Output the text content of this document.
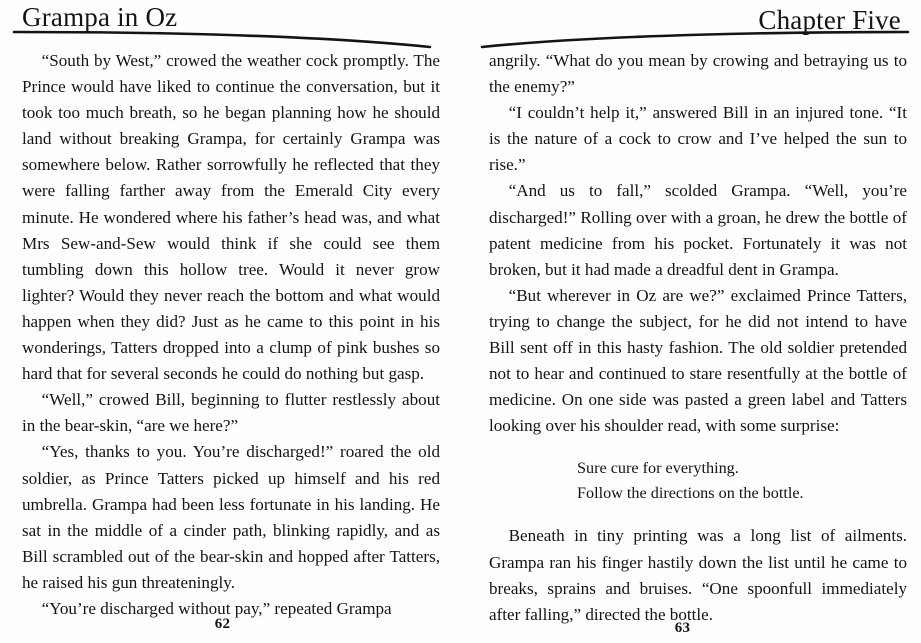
Grampa in Oz	Chapter Five

“South by West,” crowed the weather cock promptly. The Prince would have liked to continue the conversation, but it took too much breath, so he began planning how he should land without breaking Grampa, for certainly Grampa was somewhere below. Rather sorrowfully he reflected that they were falling farther away from the Emerald City every minute. He wondered where his father’s head was, and what Mrs Sew-and-Sew would think if she could see them tumbling down this hollow tree. Would it never grow lighter? Would they never reach the bottom and what would happen when they did? Just as he came to this point in his wonderings, Tatters dropped into a clump of pink bushes so hard that for several seconds he could do nothing but gasp.

“Well,” crowed Bill, beginning to flutter restlessly about in the bear-skin, “are we here?”

“Yes, thanks to you. You’re discharged!” roared the old soldier, as Prince Tatters picked up himself and his red umbrella. Grampa had been less fortunate in his landing. He sat in the middle of a cinder path, blinking rapidly, and as Bill scrambled out of the bear-skin and hopped after Tatters, he raised his gun threateningly.

“You’re discharged without pay,” repeated Grampa

angrily. “What do you mean by crowing and betraying us to the enemy?”

“I couldn’t help it,” answered Bill in an injured tone. “It is the nature of a cock to crow and I’ve helped the sun to rise.”

“And us to fall,” scolded Grampa. “Well, you’re discharged!” Rolling over with a groan, he drew the bottle of patent medicine from his pocket. Fortunately it was not broken, but it had made a dreadful dent in Grampa.

“But wherever in Oz are we?” exclaimed Prince Tatters, trying to change the subject, for he did not intend to have Bill sent off in this hasty fashion. The old soldier pretended not to hear and continued to stare resentfully at the bottle of medicine. On one side was pasted a green label and Tatters looking over his shoulder read, with some surprise:

Sure cure for everything.
Follow the directions on the bottle.

Beneath in tiny printing was a long list of ailments. Grampa ran his finger hastily down the list until he came to breaks, sprains and bruises. “One spoonfull immediately after falling,” directed the bottle.

62	63
